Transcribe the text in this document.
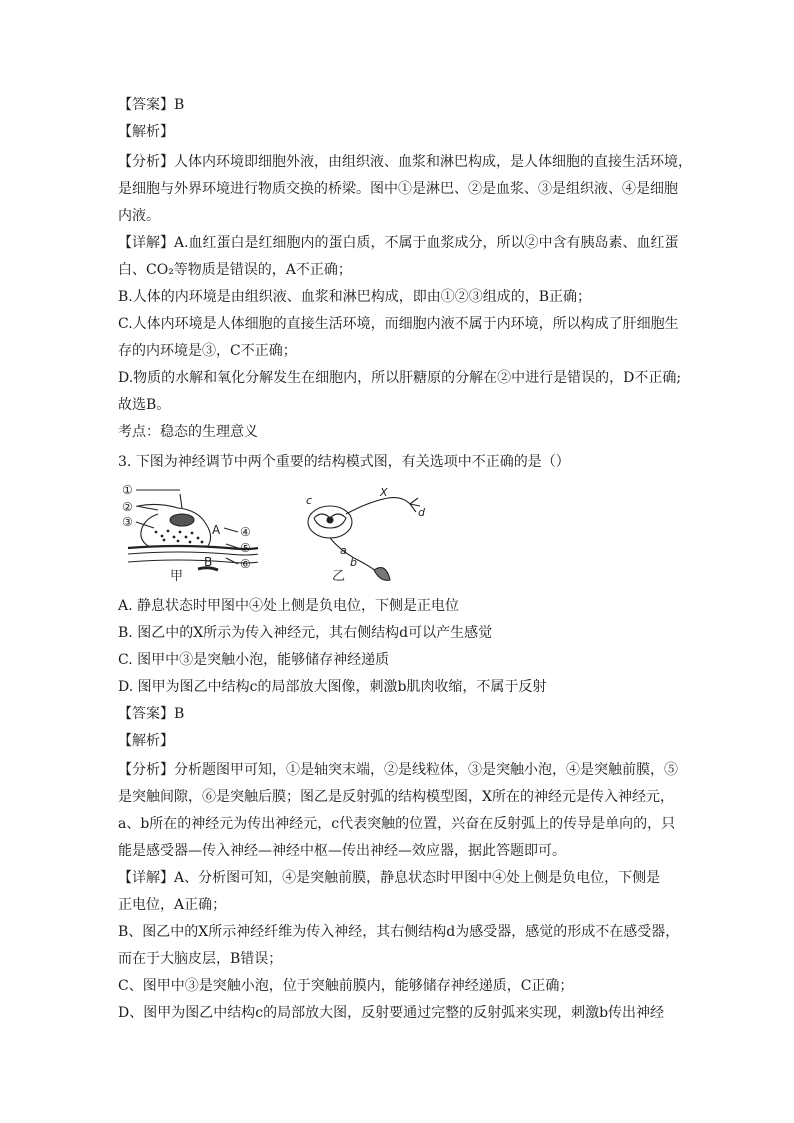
【答案】B
【解析】
【分析】人体内环境即细胞外液，由组织液、血浆和淋巴构成，是人体细胞的直接生活环境，
是细胞与外界环境进行物质交换的桥梁。图中①是淋巴、②是血浆、③是组织液、④是细胞
内液。
【详解】A.血红蛋白是红细胞内的蛋白质，不属于血浆成分，所以②中含有胰岛素、血红蛋
白、CO₂等物质是错误的，A不正确；
B.人体的内环境是由组织液、血浆和淋巴构成，即由①②③组成的，B正确；
C.人体内环境是人体细胞的直接生活环境，而细胞内液不属于内环境，所以构成了肝细胞生
存的内环境是③，C不正确；
D.物质的水解和氧化分解发生在细胞内，所以肝糖原的分解在②中进行是错误的，D不正确;
故选B。
考点：稳态的生理意义
3. 下图为神经调节中两个重要的结构模式图，有关选项中不正确的是（）
①
②
③
④
⑤
⑥
A
B
甲
c
X
d
a
b
乙
A. 静息状态时甲图中④处上侧是负电位，下侧是正电位
B. 图乙中的X所示为传入神经元，其右侧结构d可以产生感觉
C. 图甲中③是突触小泡，能够储存神经递质
D. 图甲为图乙中结构c的局部放大图像，刺激b肌肉收缩，不属于反射
【答案】B
【解析】
【分析】分析题图甲可知，①是轴突末端，②是线粒体，③是突触小泡，④是突触前膜，⑤
是突触间隙，⑥是突触后膜；图乙是反射弧的结构模型图，X所在的神经元是传入神经元，
a、b所在的神经元为传出神经元，c代表突触的位置，兴奋在反射弧上的传导是单向的，只
能是感受器—传入神经—神经中枢—传出神经—效应器，据此答题即可。
【详解】A、分析图可知，④是突触前膜，静息状态时甲图中④处上侧是负电位，下侧是
正电位，A正确；
B、图乙中的X所示神经纤维为传入神经，其右侧结构d为感受器，感觉的形成不在感受器，
而在于大脑皮层，B错误；
C、图甲中③是突触小泡，位于突触前膜内，能够储存神经递质，C正确；
D、图甲为图乙中结构c的局部放大图，反射要通过完整的反射弧来实现，刺激b传出神经
